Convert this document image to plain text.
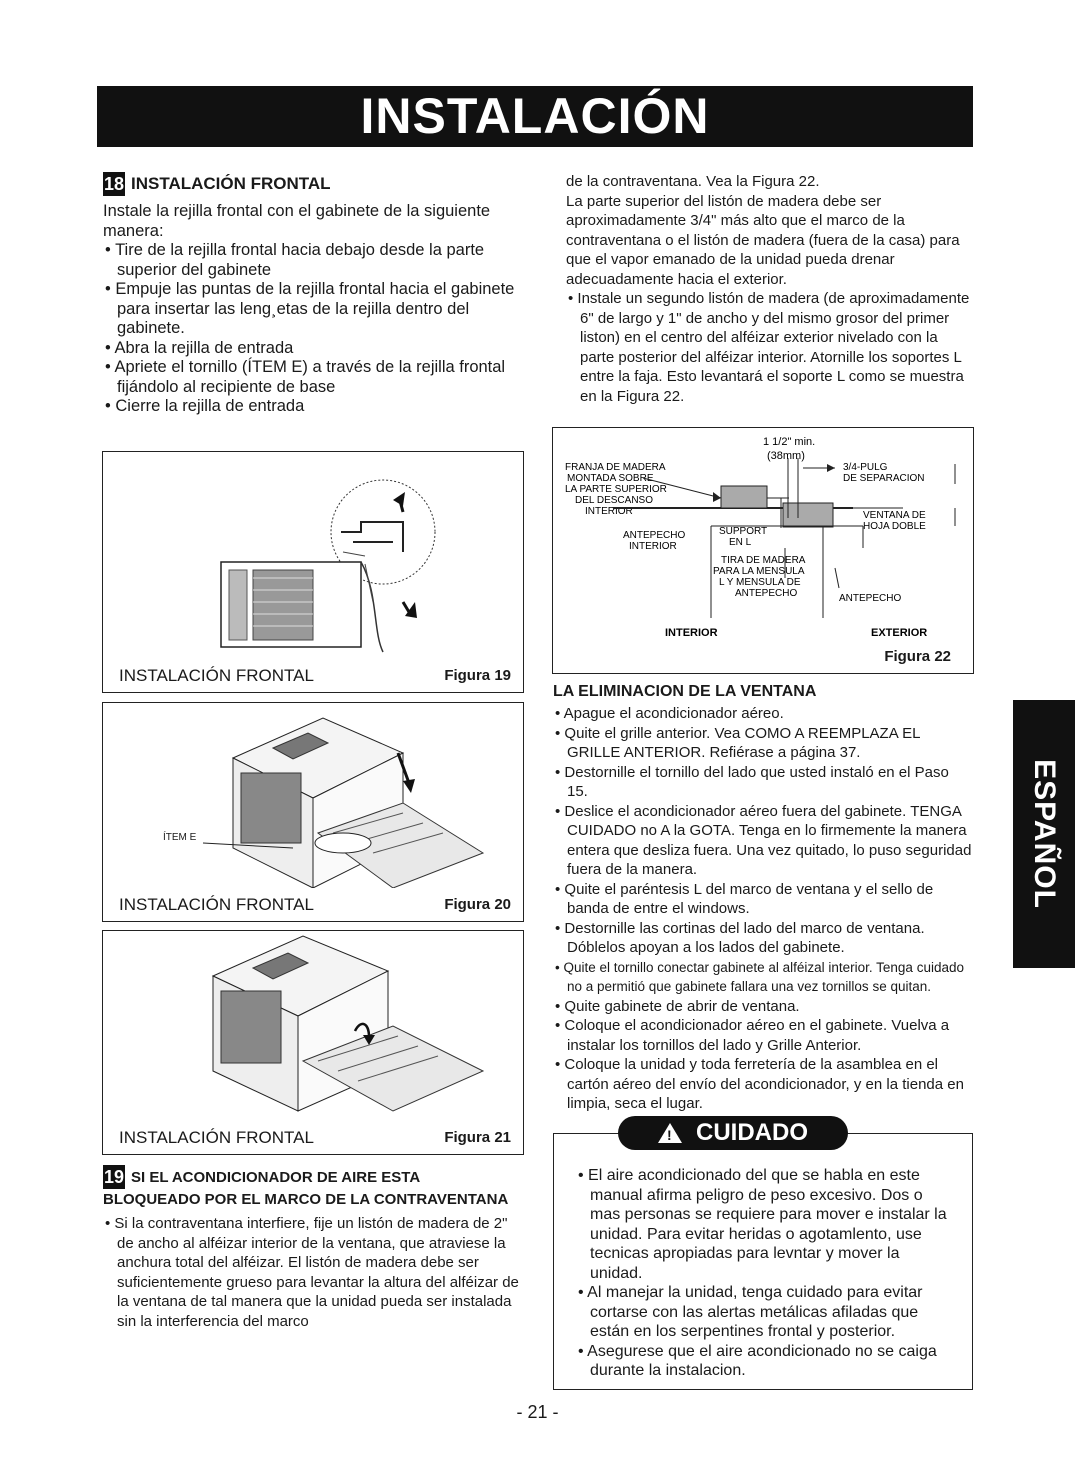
INSTALACIÓN
18 INSTALACIÓN FRONTAL

Instale la rejilla frontal con el gabinete de la siguiente manera:

• Tire de la rejilla frontal hacia debajo desde la parte superior del gabinete

• Empuje las puntas de la rejilla frontal hacia el gabinete para insertar las leng¸etas de la rejilla dentro del gabinete.

• Abra la rejilla de entrada

• Apriete el tornillo (ÍTEM E) a través de la rejilla frontal fijándolo al recipiente de base

• Cierre la rejilla de entrada

INSTALACIÓN FRONTAL	Figura 19
ÍTEM E
INSTALACIÓN FRONTAL	Figura 20
INSTALACIÓN FRONTAL	Figura 21
19 SI EL ACONDICIONADOR DE AIRE ESTA
BLOQUEADO POR EL MARCO DE LA CONTRAVENTANA

• Si la contraventana interfiere, fije un listón de madera de 2" de ancho al alféizar interior de la ventana, que atraviese la anchura total del alféizar. El listón de madera debe ser suficientemente grueso para levantar la altura del alféizar de la ventana de tal manera que la unidad pueda ser instalada sin la interferencia del marco

de la contraventana. Vea la Figura 22.

La parte superior del listón de madera debe ser aproximadamente 3/4" más alto que el marco de la contraventana o el listón de madera (fuera de la casa) para que el vapor emanado de la unidad pueda drenar adecuadamente hacia el exterior.

• Instale un segundo listón de madera (de aproximadamente 6" de largo y 1" de ancho y del mismo grosor del primer liston) en el centro del alféizar exterior nivelado con la parte posterior del alféizar interior. Atornille los soportes L entre la faja. Esto levantará el soporte L como se muestra en la Figura 22.

1 1/2" min.
(38mm)
FRANJA DE MADERA
MONTADA SOBRE
LA PARTE SUPERIOR
DEL DESCANSO
INTERIOR
3/4-PULG
DE SEPARACION
VENTANA DE
HOJA DOBLE
ANTEPECHO
INTERIOR
SUPPORT
EN L
TIRA DE MADERA
PARA LA MENSULA
L Y MENSULA DE
ANTEPECHO	ANTEPECHO
INTERIOR	EXTERIOR
Figura 22
LA ELIMINACION DE LA VENTANA

• Apague el acondicionador aéreo.

• Quite el grille anterior. Vea COMO A REEMPLAZA EL GRILLE ANTERIOR. Refiérase a página 37.

• Destornille el tornillo del lado que usted instaló en el Paso 15.

• Deslice el acondicionador aéreo fuera del gabinete. TENGA CUIDADO no A la GOTA. Tenga en lo firmemente la manera entera que desliza fuera. Una vez quitado, lo puso seguridad fuera de la manera.

• Quite el paréntesis L del marco de ventana y el sello de banda de entre el windows.

• Destornille las cortinas del lado del marco de ventana. Dóblelos apoyan a los lados del gabinete.

• Quite el tornillo conectar gabinete al alféizal interior. Tenga cuidado no a permitió que gabinete fallara una vez tornillos se quitan.

• Quite gabinete de abrir de ventana.

• Coloque el acondicionador aéreo en el gabinete. Vuelva a instalar los tornillos del lado y Grille Anterior.

• Coloque la unidad y toda ferretería de la asamblea en el cartón aéreo del envío del acondicionador, y en la tienda en limpia, seca el lugar.

! CUIDADO

• El aire acondicionado del que se habla en este manual afirma peligro de peso excesivo. Dos o mas personas se requiere para mover e instalar la unidad. Para evitar heridas o agotamlento, use tecnicas apropiadas para levntar y mover la unidad.

• Al manejar la unidad, tenga cuidado para evitar cortarse con las alertas metálicas afiladas que están en los serpentines frontal y posterior.

• Asegurese que el aire acondicionado no se caiga durante la instalacion.

ESPAÑOL
- 21 -
